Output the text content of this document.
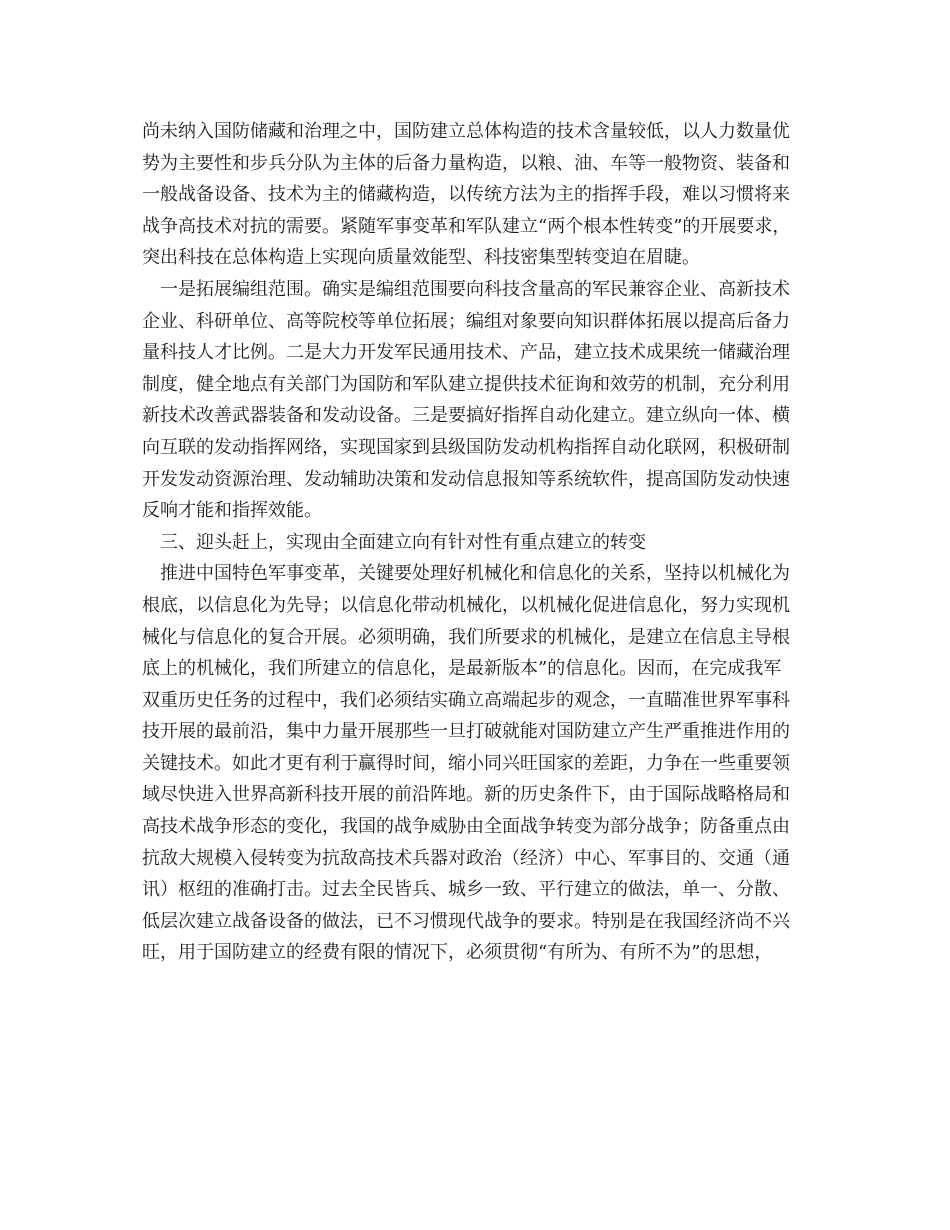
尚未纳入国防储藏和治理之中，国防建立总体构造的技术含量较低，以人力数量优
势为主要性和步兵分队为主体的后备力量构造，以粮、油、车等一般物资、装备和
一般战备设备、技术为主的储藏构造，以传统方法为主的指挥手段，难以习惯将来
战争高技术对抗的需要。紧随军事变革和军队建立“两个根本性转变”的开展要求，
突出科技在总体构造上实现向质量效能型、科技密集型转变迫在眉睫。
一是拓展编组范围。确实是编组范围要向科技含量高的军民兼容企业、高新技术
企业、科研单位、高等院校等单位拓展；编组对象要向知识群体拓展以提高后备力
量科技人才比例。二是大力开发军民通用技术、产品，建立技术成果统一储藏治理
制度，健全地点有关部门为国防和军队建立提供技术征询和效劳的机制，充分利用
新技术改善武器装备和发动设备。三是要搞好指挥自动化建立。建立纵向一体、横
向互联的发动指挥网络，实现国家到县级国防发动机构指挥自动化联网，积极研制
开发发动资源治理、发动辅助决策和发动信息报知等系统软件，提高国防发动快速
反响才能和指挥效能。
三、迎头赶上，实现由全面建立向有针对性有重点建立的转变
推进中国特色军事变革，关键要处理好机械化和信息化的关系，坚持以机械化为
根底，以信息化为先导；以信息化带动机械化，以机械化促进信息化，努力实现机
械化与信息化的复合开展。必须明确，我们所要求的机械化，是建立在信息主导根
底上的机械化，我们所建立的信息化，是最新版本”的信息化。因而，在完成我军
双重历史任务的过程中，我们必须结实确立高端起步的观念，一直瞄准世界军事科
技开展的最前沿，集中力量开展那些一旦打破就能对国防建立产生严重推进作用的
关键技术。如此才更有利于赢得时间，缩小同兴旺国家的差距，力争在一些重要领
域尽快进入世界高新科技开展的前沿阵地。新的历史条件下，由于国际战略格局和
高技术战争形态的变化，我国的战争威胁由全面战争转变为部分战争；防备重点由
抗敌大规模入侵转变为抗敌高技术兵器对政治（经济）中心、军事目的、交通（通
讯）枢纽的准确打击。过去全民皆兵、城乡一致、平行建立的做法，单一、分散、
低层次建立战备设备的做法，已不习惯现代战争的要求。特别是在我国经济尚不兴
旺，用于国防建立的经费有限的情况下，必须贯彻“有所为、有所不为”的思想，
